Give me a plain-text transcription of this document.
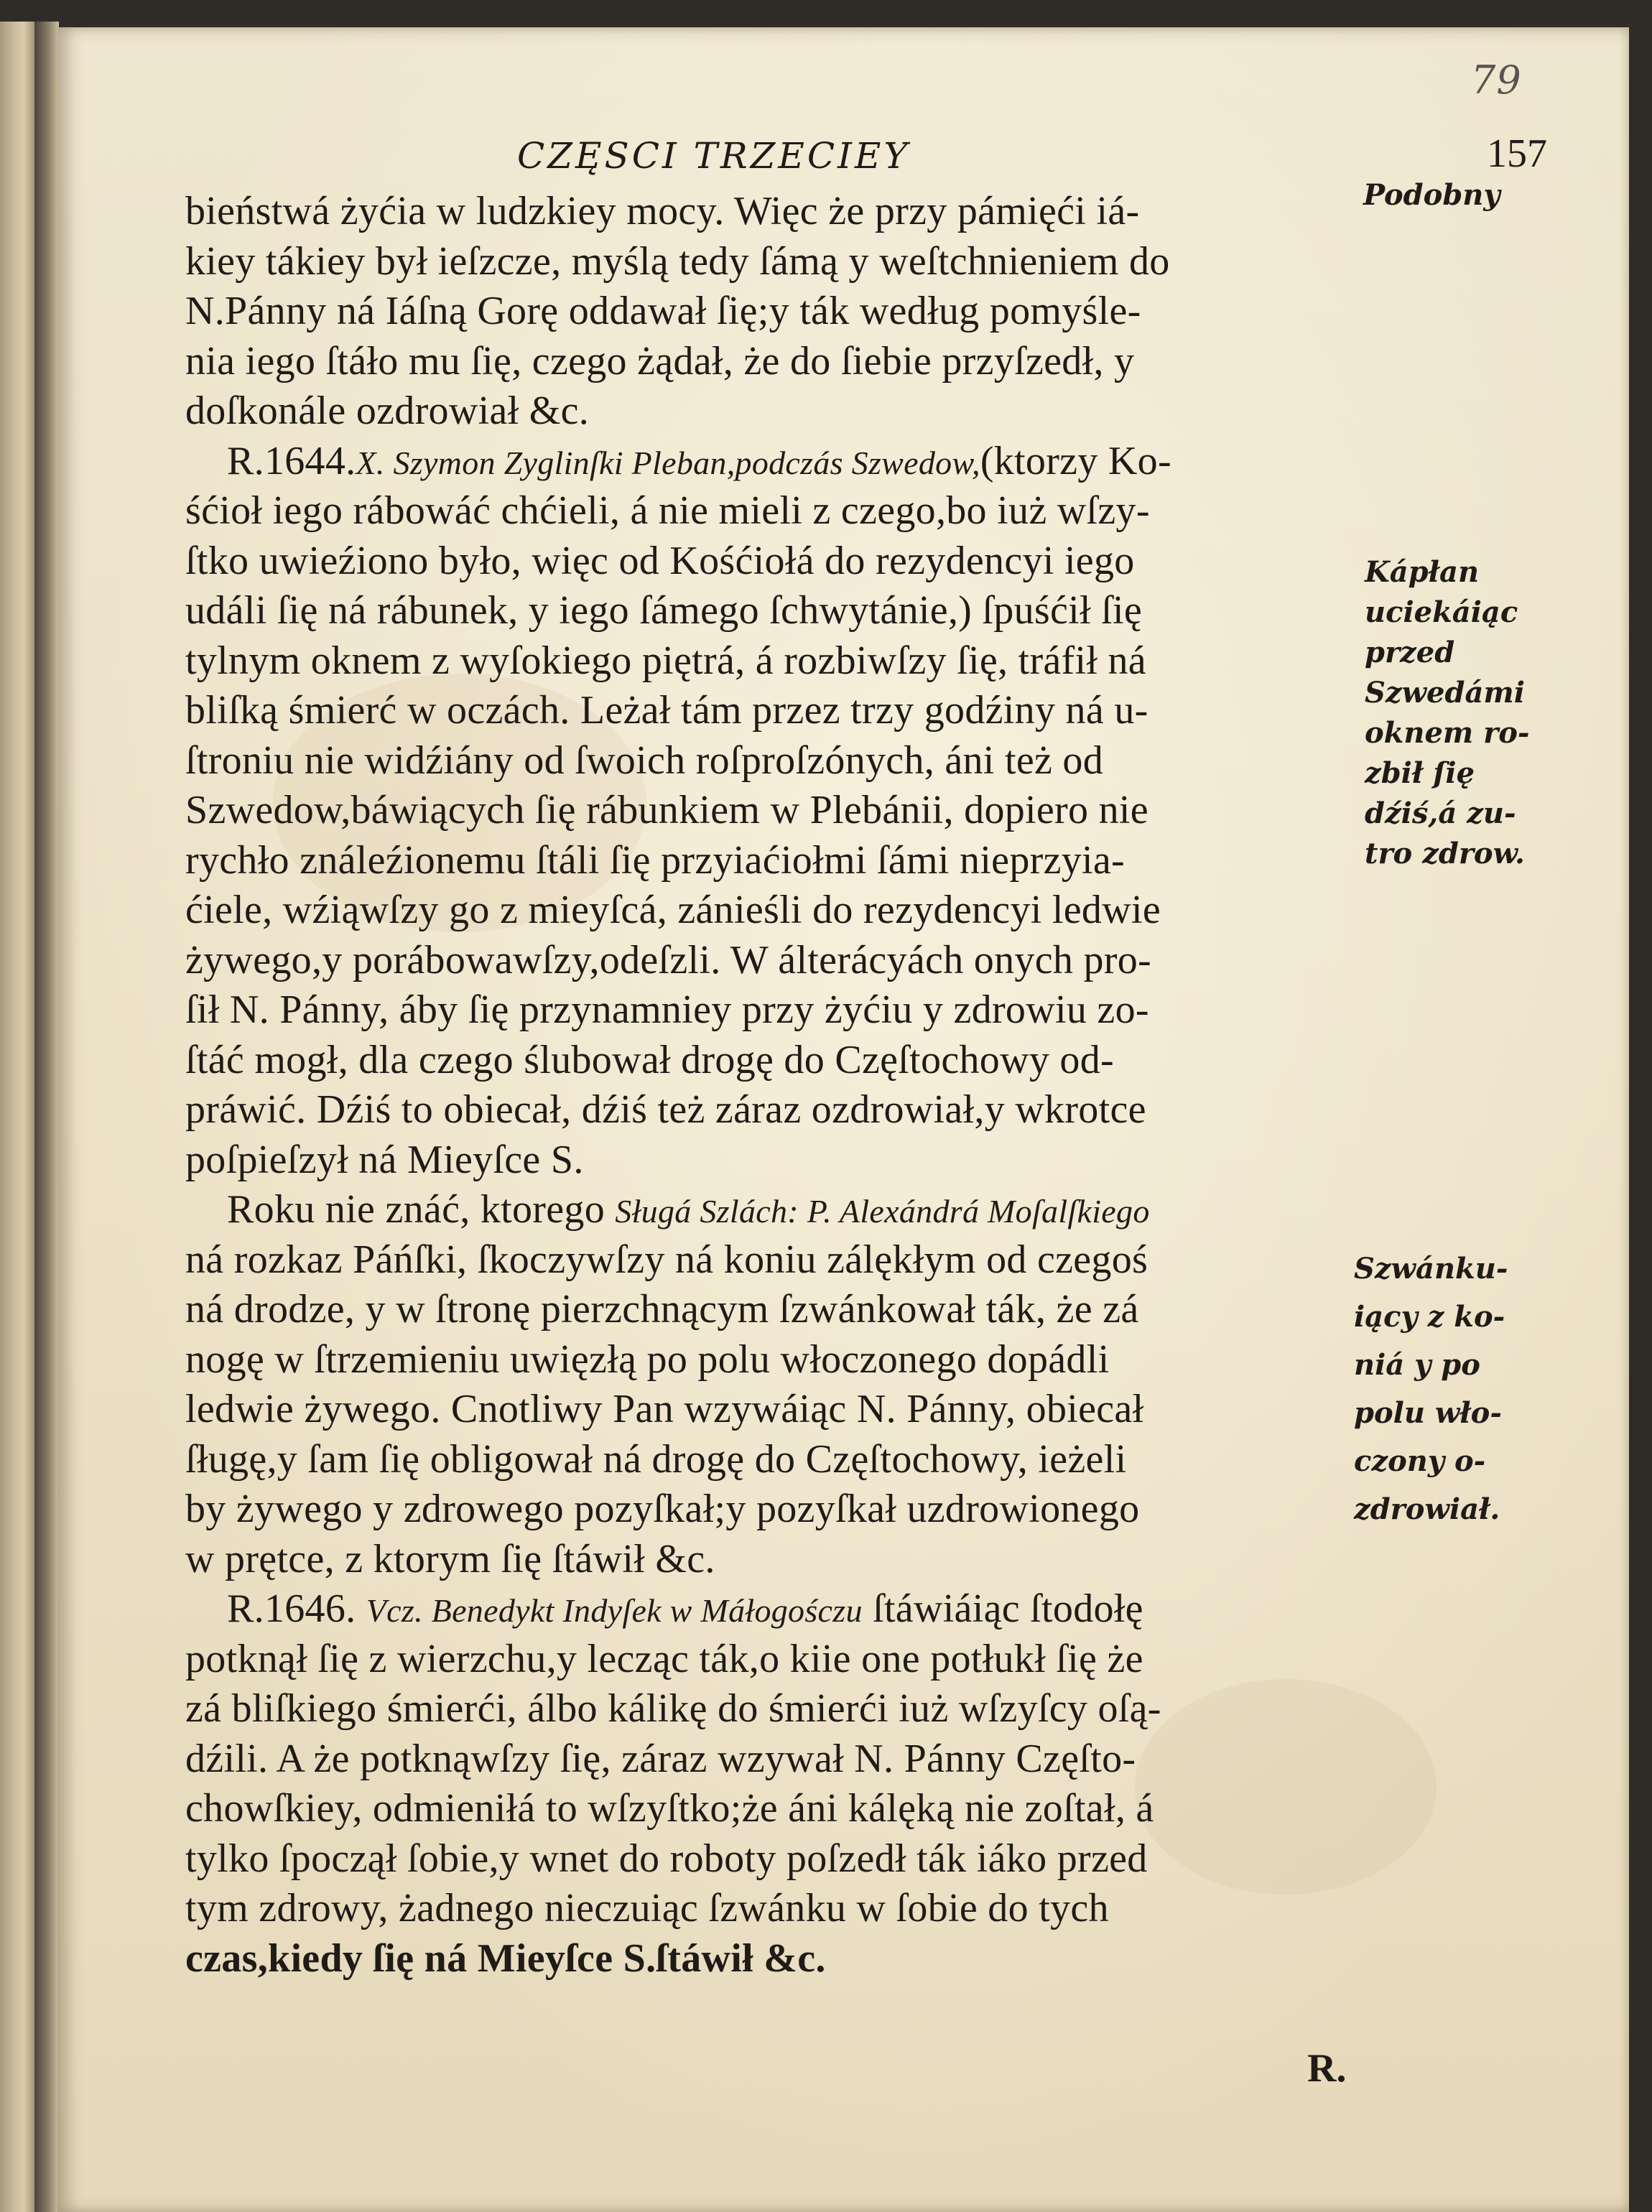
79
CZĘSCI TRZECIEY	157
bieństwá żyćia w ludzkiey mocy. Więc że przy pámięći iá-
kiey tákiey był ieſzcze, myślą tedy ſámą y weſtchnieniem do
N.Pánny ná Iáſną Gorę oddawał ſię;y ták według pomyśle-
nia iego ſtáło mu ſię, czego żądał, że do ſiebie przyſzedł, y
doſkonále ozdrowiał &c.
R.1644.X. Szymon Zyglinſki Pleban,podczás Szwedow,(ktorzy Ko-
śćioł iego rábowáć chćieli, á nie mieli z czego,bo iuż wſzy-
ſtko uwieźiono było, więc od Kośćiołá do rezydencyi iego
událi ſię ná rábunek, y iego ſámego ſchwytánie,) ſpuśćił ſię
tylnym oknem z wyſokiego piętrá, á rozbiwſzy ſię, tráfił ná
bliſką śmierć w oczách. Leżał tám przez trzy godźiny ná u-
ſtroniu nie widźiány od ſwoich roſproſzónych, áni też od
Szwedow,báwiących ſię rábunkiem w Plebánii, dopiero nie
rychło ználeźionemu ſtáli ſię przyiaćiołmi ſámi nieprzyia-
ćiele, wźiąwſzy go z mieyſcá, zánieśli do rezydencyi ledwie
żywego,y porábowawſzy,odeſzli. W álterácyách onych pro-
ſił N. Pánny, áby ſię przynamniey przy żyćiu y zdrowiu zo-
ſtáć mogł, dla czego ślubował drogę do Częſtochowy od-
práwić. Dźiś to obiecał, dźiś też záraz ozdrowiał,y wkrotce
poſpieſzył ná Mieyſce S.
Roku nie znáć, ktorego Sługá Szlách: P. Alexándrá Moſalſkiego
ná rozkaz Páńſki, ſkoczywſzy ná koniu zálękłym od czegoś
ná drodze, y w ſtronę pierzchnącym ſzwánkował ták, że zá
nogę w ſtrzemieniu uwięzłą po polu włoczonego dopádli
ledwie żywego. Cnotliwy Pan wzywáiąc N. Pánny, obiecał
ſługę,y ſam ſię obligował ná drogę do Częſtochowy, ieżeli
by żywego y zdrowego pozyſkał;y pozyſkał uzdrowionego
w prętce, z ktorym ſię ſtáwił &c.
R.1646. Vcz. Benedykt Indyſek w Máłogośczu ſtáwiáiąc ſtodołę
potknął ſię z wierzchu,y lecząc ták,o kiie one potłukł ſię że
zá bliſkiego śmierći, álbo kálikę do śmierći iuż wſzyſcy oſą-
dźili. A że potknąwſzy ſię, záraz wzywał N. Pánny Częſto-
chowſkiey, odmieniłá to wſzyſtko;że áni kálęką nie zoſtał, á
tylko ſpoczął ſobie,y wnet do roboty poſzedł ták iáko przed
tym zdrowy, żadnego nieczuiąc ſzwánku w ſobie do tych
czas,kiedy ſię ná Mieyſce S.ſtáwił &c.
Podobny
Kápłan
uciekáiąc
przed
Szwedámi
oknem ro-
zbił ſię
dźiś,á zu-
tro zdrow.
Szwánku-
iący z ko-
niá y po
polu wło-
czony o-
zdrowiał.
R.
